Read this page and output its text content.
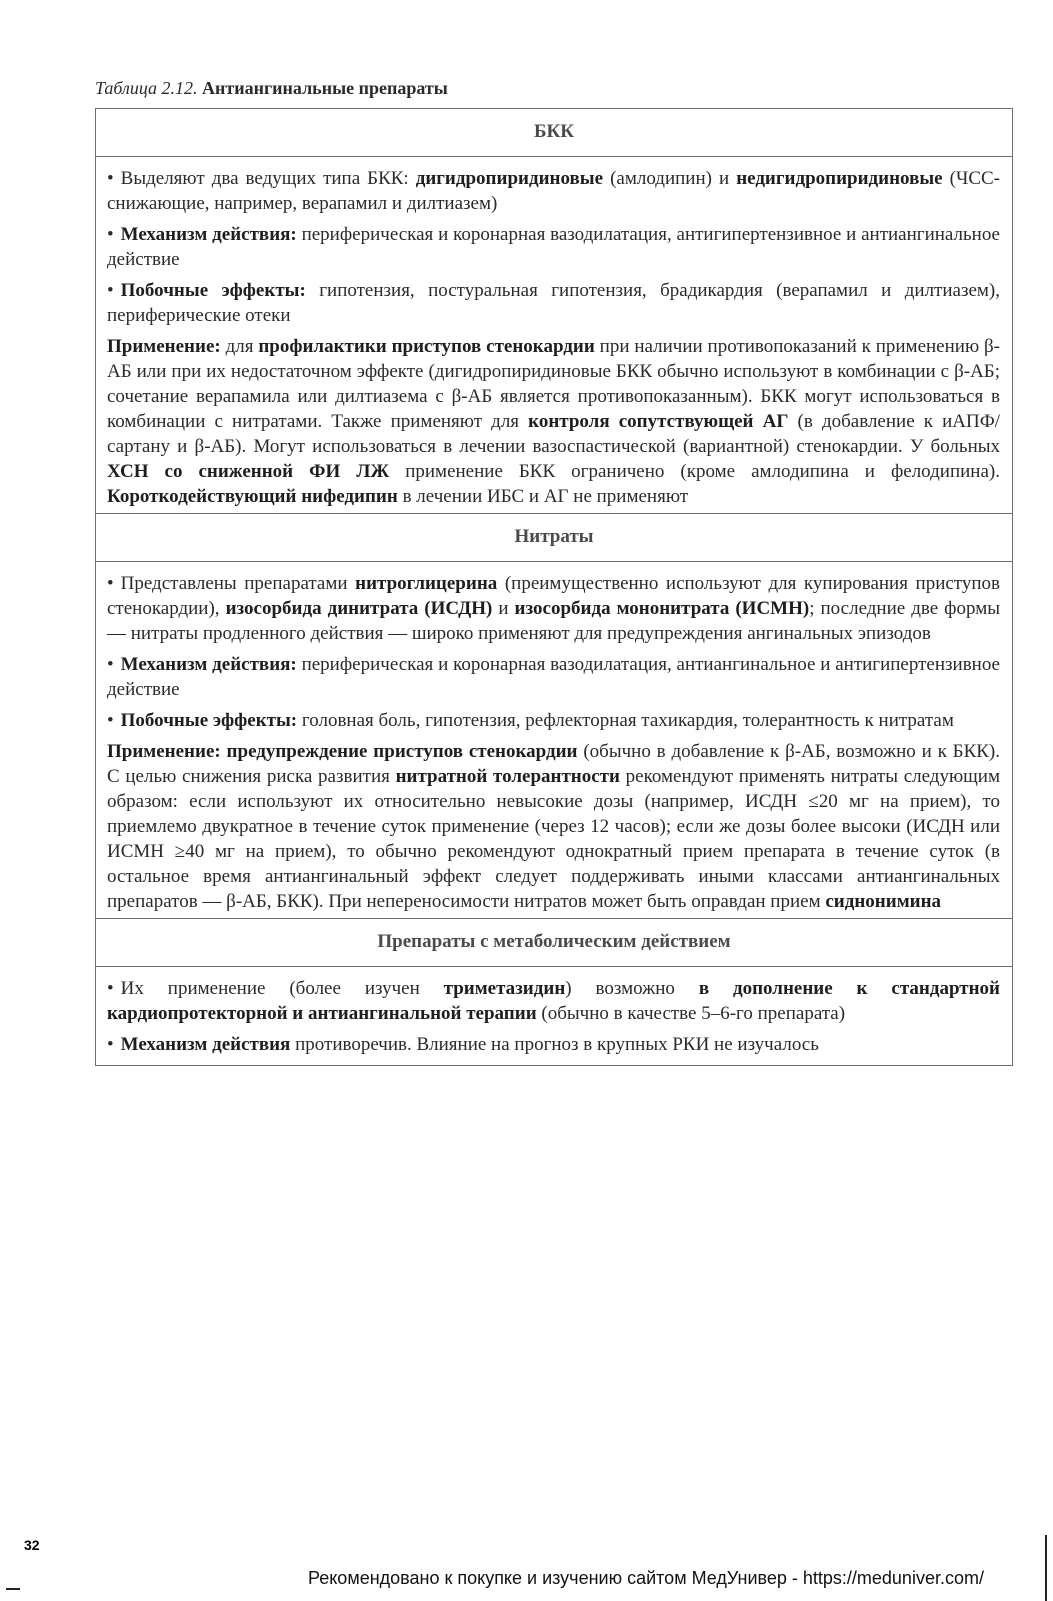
Таблица 2.12. Антиангинальные препараты
БКК
• Выделяют два ведущих типа БКК: дигидропиридиновые (амлодипин) и недигидропиридиновые (ЧСС-снижающие, например, верапамил и дилтиазем)
• Механизм действия: периферическая и коронарная вазодилатация, антигипертензивное и антиангинальное действие
• Побочные эффекты: гипотензия, постуральная гипотензия, брадикардия (верапамил и дилтиазем), периферические отеки
Применение: для профилактики приступов стенокардии при наличии противопоказаний к применению β-АБ или при их недостаточном эффекте (дигидропиридиновые БКК обычно используют в комбинации с β-АБ; сочетание верапамила или дилтиазема с β-АБ является противопоказанным). БКК могут использоваться в комбинации с нитратами. Также применяют для контроля сопутствующей АГ (в добавление к иАПФ/сартану и β-АБ). Могут использоваться в лечении вазоспастической (вариантной) стенокардии. У больных ХСН со сниженной ФИ ЛЖ применение БКК ограничено (кроме амлодипина и фелодипина). Короткодействующий нифедипин в лечении ИБС и АГ не применяют
Нитраты
• Представлены препаратами нитроглицерина (преимущественно используют для купирования приступов стенокардии), изосорбида динитрата (ИСДН) и изосорбида мононитрата (ИСМН); последние две формы — нитраты продленного действия — широко применяют для предупреждения ангинальных эпизодов
• Механизм действия: периферическая и коронарная вазодилатация, антиангинальное и антигипертензивное действие
• Побочные эффекты: головная боль, гипотензия, рефлекторная тахикардия, толерантность к нитратам
Применение: предупреждение приступов стенокардии (обычно в добавление к β-АБ, возможно и к БКК). С целью снижения риска развития нитратной толерантности рекомендуют применять нитраты следующим образом: если используют их относительно невысокие дозы (например, ИСДН ≤20 мг на прием), то приемлемо двукратное в течение суток применение (через 12 часов); если же дозы более высоки (ИСДН или ИСМН ≥40 мг на прием), то обычно рекомендуют однократный прием препарата в течение суток (в остальное время антиангинальный эффект следует поддерживать иными классами антиангинальных препаратов — β-АБ, БКК). При непереносимости нитратов может быть оправдан прием сиднонимина
Препараты с метаболическим действием
• Их применение (более изучен триметазидин) возможно в дополнение к стандартной кардиопротекторной и антиангинальной терапии (обычно в качестве 5–6-го препарата)
• Механизм действия противоречив. Влияние на прогноз в крупных РКИ не изучалось
32
Рекомендовано к покупке и изучению сайтом МедУнивер - https://meduniver.com/
